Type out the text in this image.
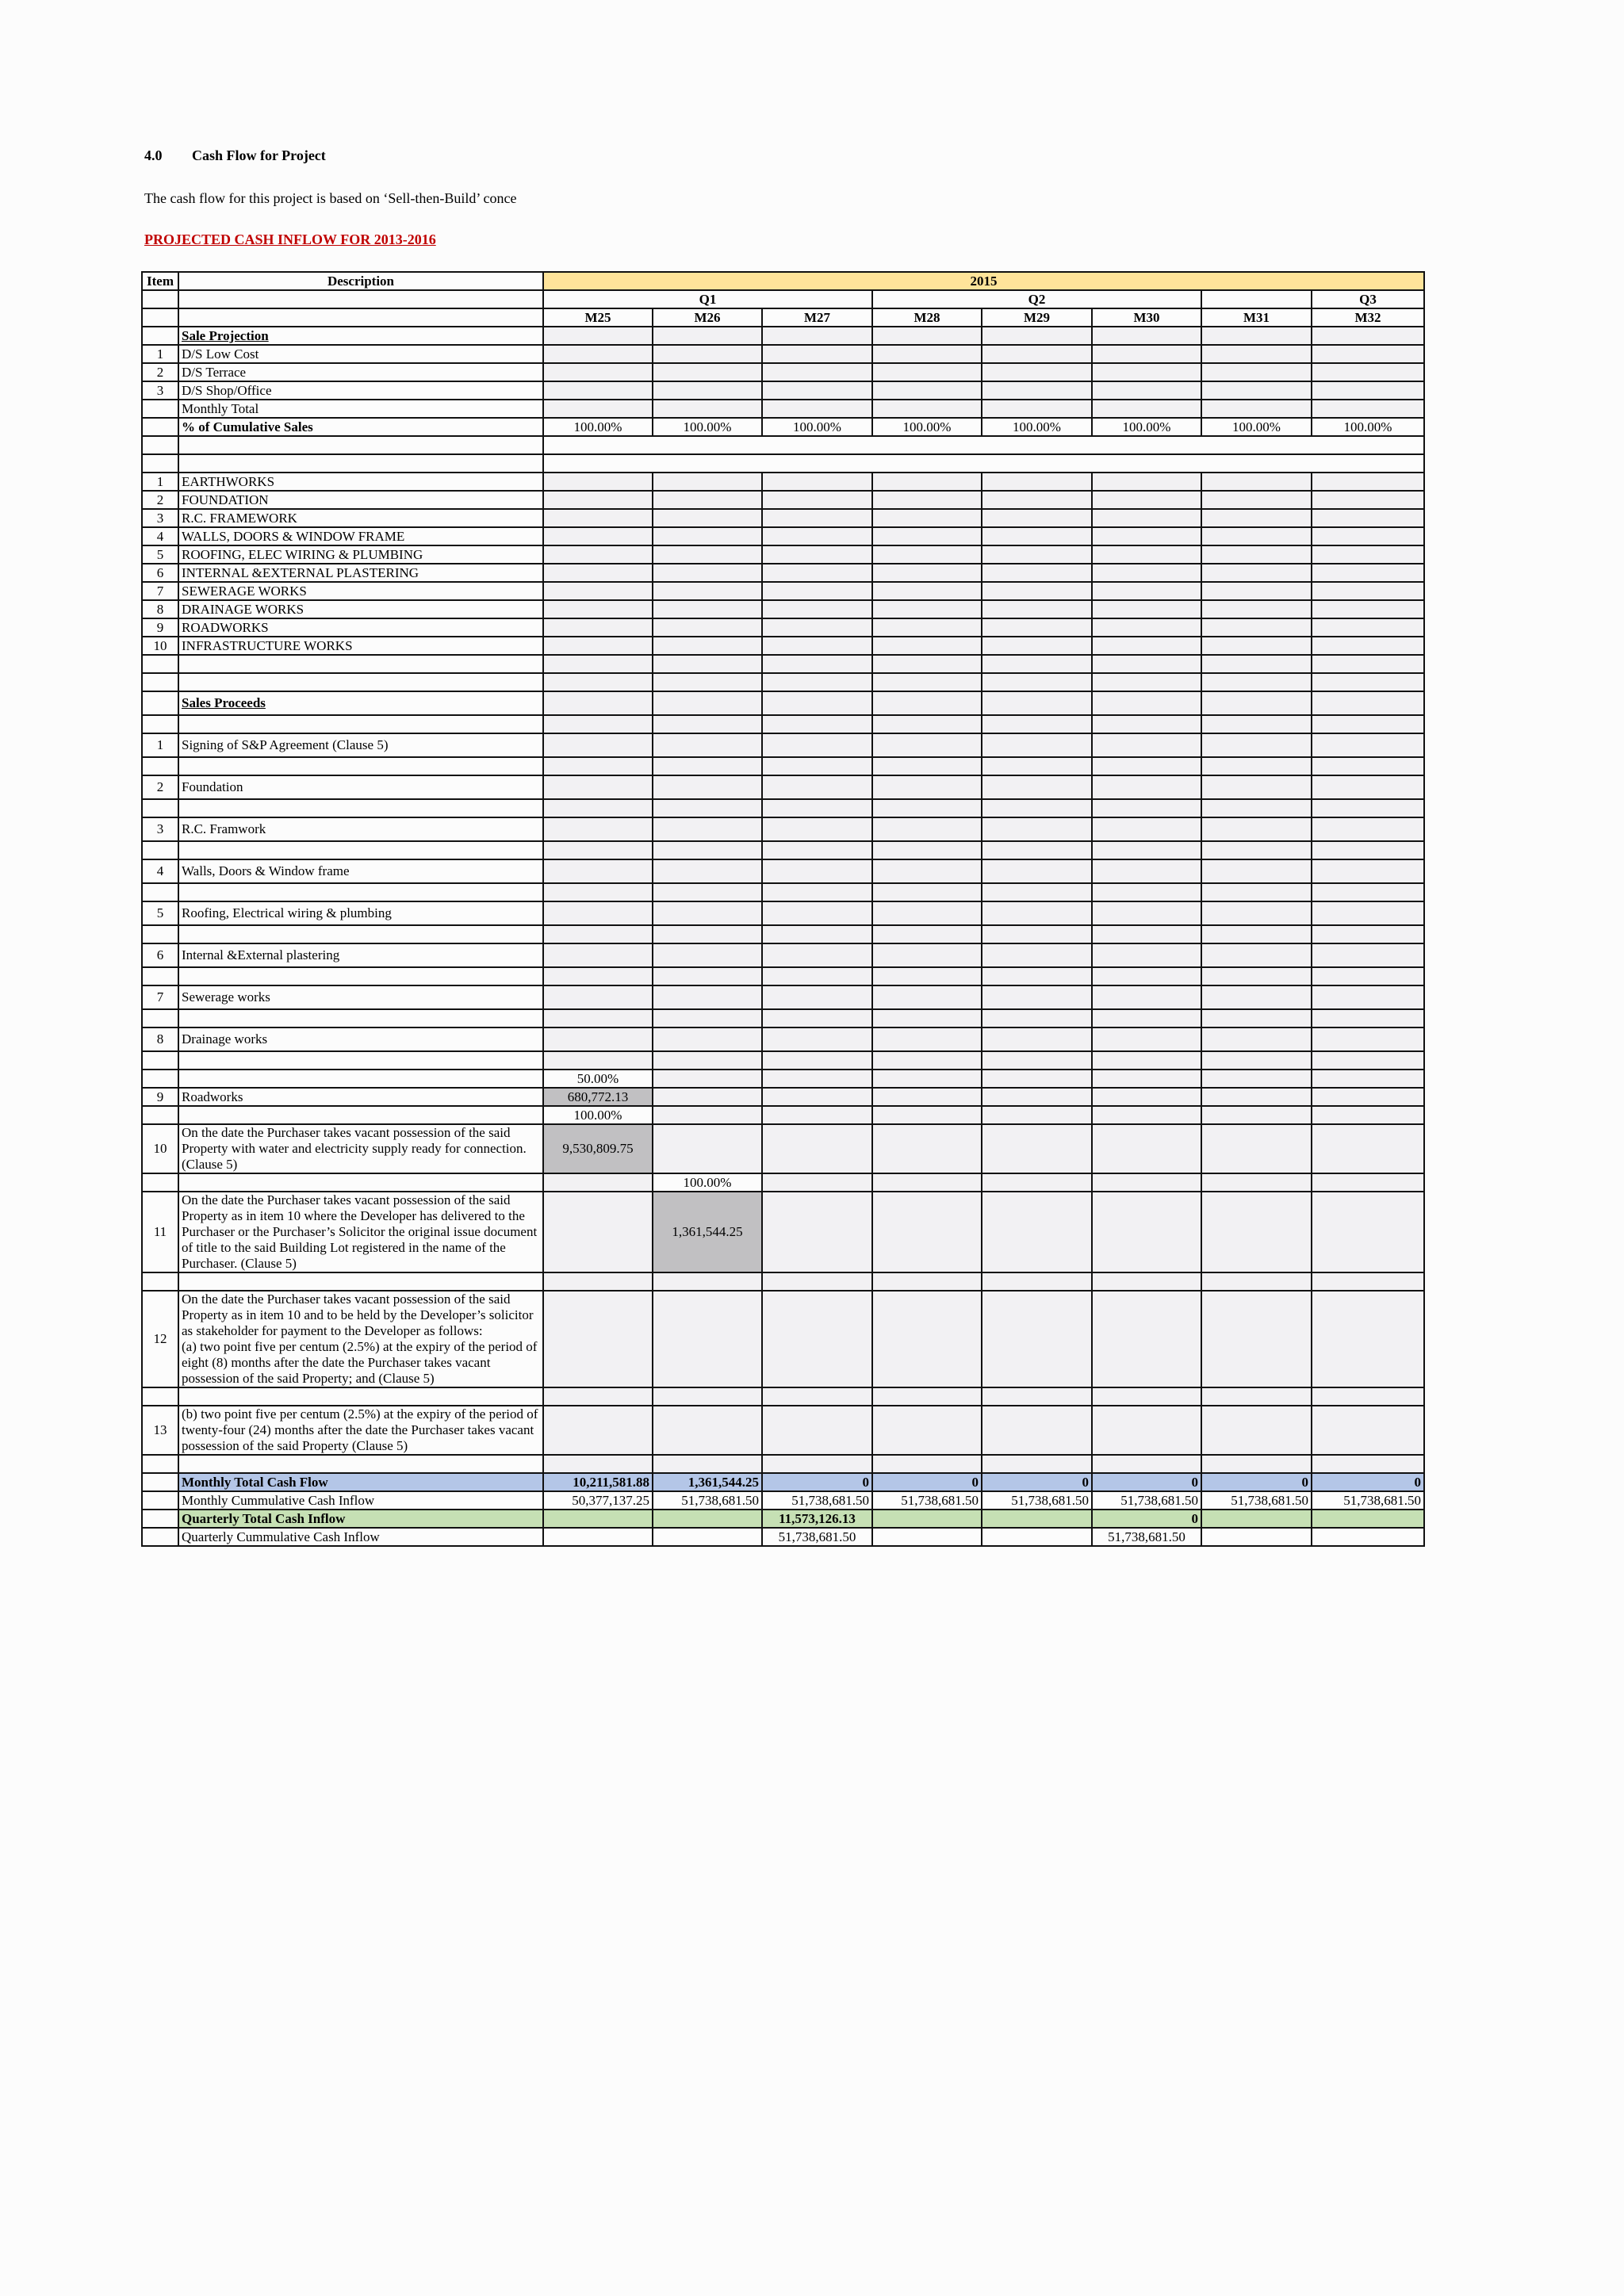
4.0 Cash Flow for Project
The cash flow for this project is based on ‘Sell-then-Build’ conce
PROJECTED CASH INFLOW FOR 2013-2016
Item	Description	2015							
		Q1			Q2				Q3
		M25	M26	M27	M28	M29	M30	M31	M32
	Sale Projection								
1	D/S Low Cost								
2	D/S Terrace								
3	D/S Shop/Office								
	Monthly Total								
	% of Cumulative Sales	100.00%	100.00%	100.00%	100.00%	100.00%	100.00%	100.00%	100.00%

1	EARTHWORKS								
2	FOUNDATION								
3	R.C. FRAMEWORK								
4	WALLS, DOORS & WINDOW FRAME								
5	ROOFING, ELEC WIRING & PLUMBING								
6	INTERNAL &EXTERNAL PLASTERING								
7	SEWERAGE WORKS								
8	DRAINAGE WORKS								
9	ROADWORKS								
10	INFRASTRUCTURE WORKS								

	Sales Proceeds								

1	Signing of S&P Agreement (Clause 5)								

2	Foundation								

3	R.C. Framwork								

4	Walls, Doors & Window frame								

5	Roofing, Electrical wiring & plumbing								

6	Internal &External plastering								

7	Sewerage works								

8	Drainage works								

		50.00%							
9	Roadworks	680,772.13							
		100.00%							
10	On the date the Purchaser takes vacant possession of the said Property with water and electricity supply ready for connection. (Clause 5)	9,530,809.75							
			100.00%						
11	On the date the Purchaser takes vacant possession of the said Property as in item 10 where the Developer has delivered to the Purchaser or the Purchaser’s Solicitor the original issue document of title to the said Building Lot registered in the name of the Purchaser. (Clause 5)		1,361,544.25						

12	On the date the Purchaser takes vacant possession of the said Property as in item 10 and to be held by the Developer’s solicitor as stakeholder for payment to the Developer as follows:
(a) two point five per centum (2.5%) at the expiry of the period of eight (8) months after the date the Purchaser takes vacant possession of the said Property; and (Clause 5)								

13	(b) two point five per centum (2.5%) at the expiry of the period of twenty-four (24) months after the date the Purchaser takes vacant possession of the said Property (Clause 5)								

	Monthly Total Cash Flow	10,211,581.88	1,361,544.25	0	0	0	0	0	0
	Monthly Cummulative Cash Inflow	50,377,137.25	51,738,681.50	51,738,681.50	51,738,681.50	51,738,681.50	51,738,681.50	51,738,681.50	51,738,681.50
	Quarterly Total Cash Inflow			11,573,126.13			0		
	Quarterly Cummulative Cash Inflow			51,738,681.50			51,738,681.50		
